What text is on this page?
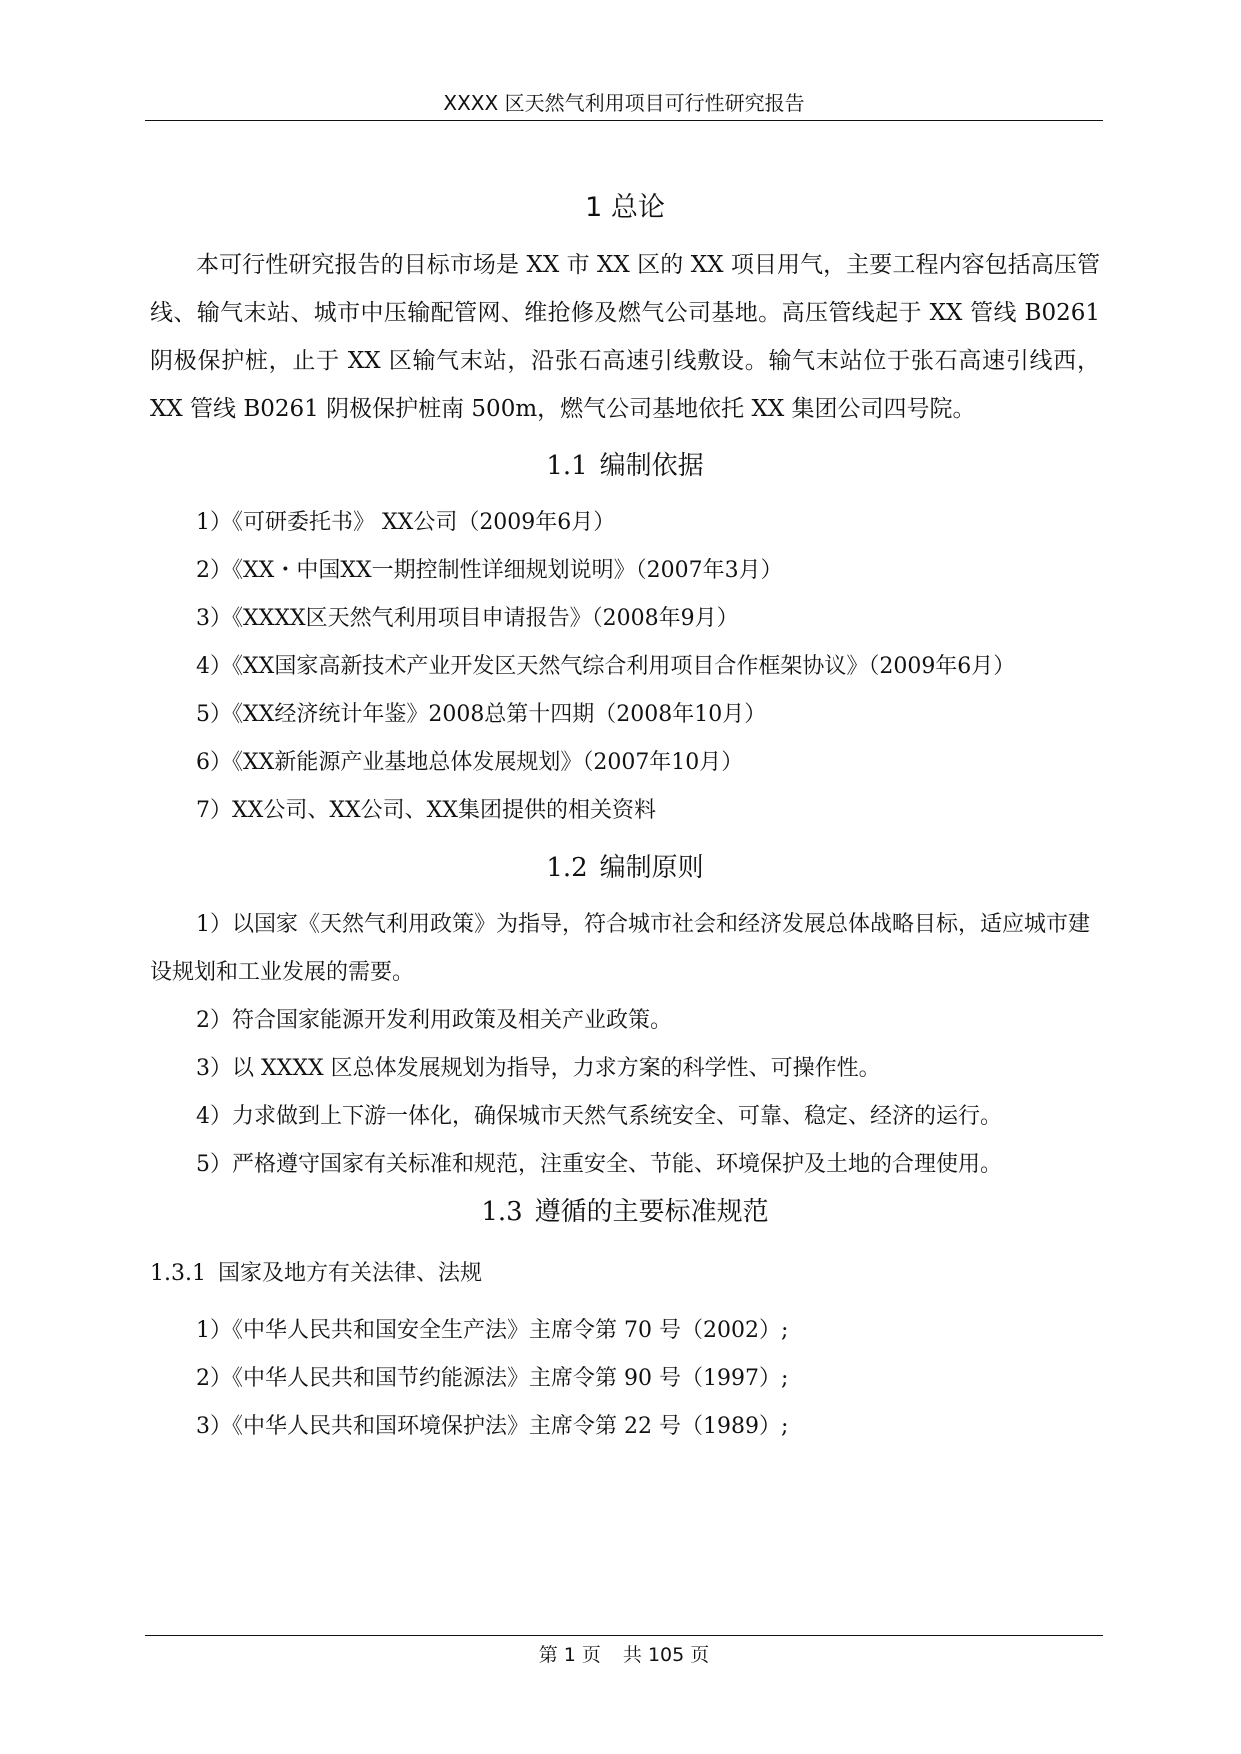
XXXX 区天然气利用项目可行性研究报告
1 总论

本可行性研究报告的目标市场是 XX 市 XX 区的 XX 项目用气，主要工程内容包括高压管线、输气末站、城市中压输配管网、维抢修及燃气公司基地。高压管线起于 XX 管线 B0261 阴极保护桩，止于 XX 区输气末站，沿张石高速引线敷设。输气末站位于张石高速引线西，XX 管线 B0261 阴极保护桩南 500m，燃气公司基地依托 XX 集团公司四号院。

1.1 编制依据

1）《可研委托书》 XX公司（2009年6月）

2）《XX・中国XX一期控制性详细规划说明》（2007年3月）

3）《XXXX区天然气利用项目申请报告》（2008年9月）

4）《XX国家高新技术产业开发区天然气综合利用项目合作框架协议》（2009年6月）

5）《XX经济统计年鉴》2008总第十四期（2008年10月）

6）《XX新能源产业基地总体发展规划》（2007年10月）

7）XX公司、XX公司、XX集团提供的相关资料

1.2 编制原则

1）以国家《天然气利用政策》为指导，符合城市社会和经济发展总体战略目标，适应城市建设规划和工业发展的需要。

2）符合国家能源开发利用政策及相关产业政策。

3）以 XXXX 区总体发展规划为指导，力求方案的科学性、可操作性。

4）力求做到上下游一体化，确保城市天然气系统安全、可靠、稳定、经济的运行。

5）严格遵守国家有关标准和规范，注重安全、节能、环境保护及土地的合理使用。

1.3 遵循的主要标准规范
1.3.1 国家及地方有关法律、法规

1）《中华人民共和国安全生产法》主席令第 70 号（2002）;

2）《中华人民共和国节约能源法》主席令第 90 号（1997）;

3）《中华人民共和国环境保护法》主席令第 22 号（1989）;

第 1 页 共 105 页
